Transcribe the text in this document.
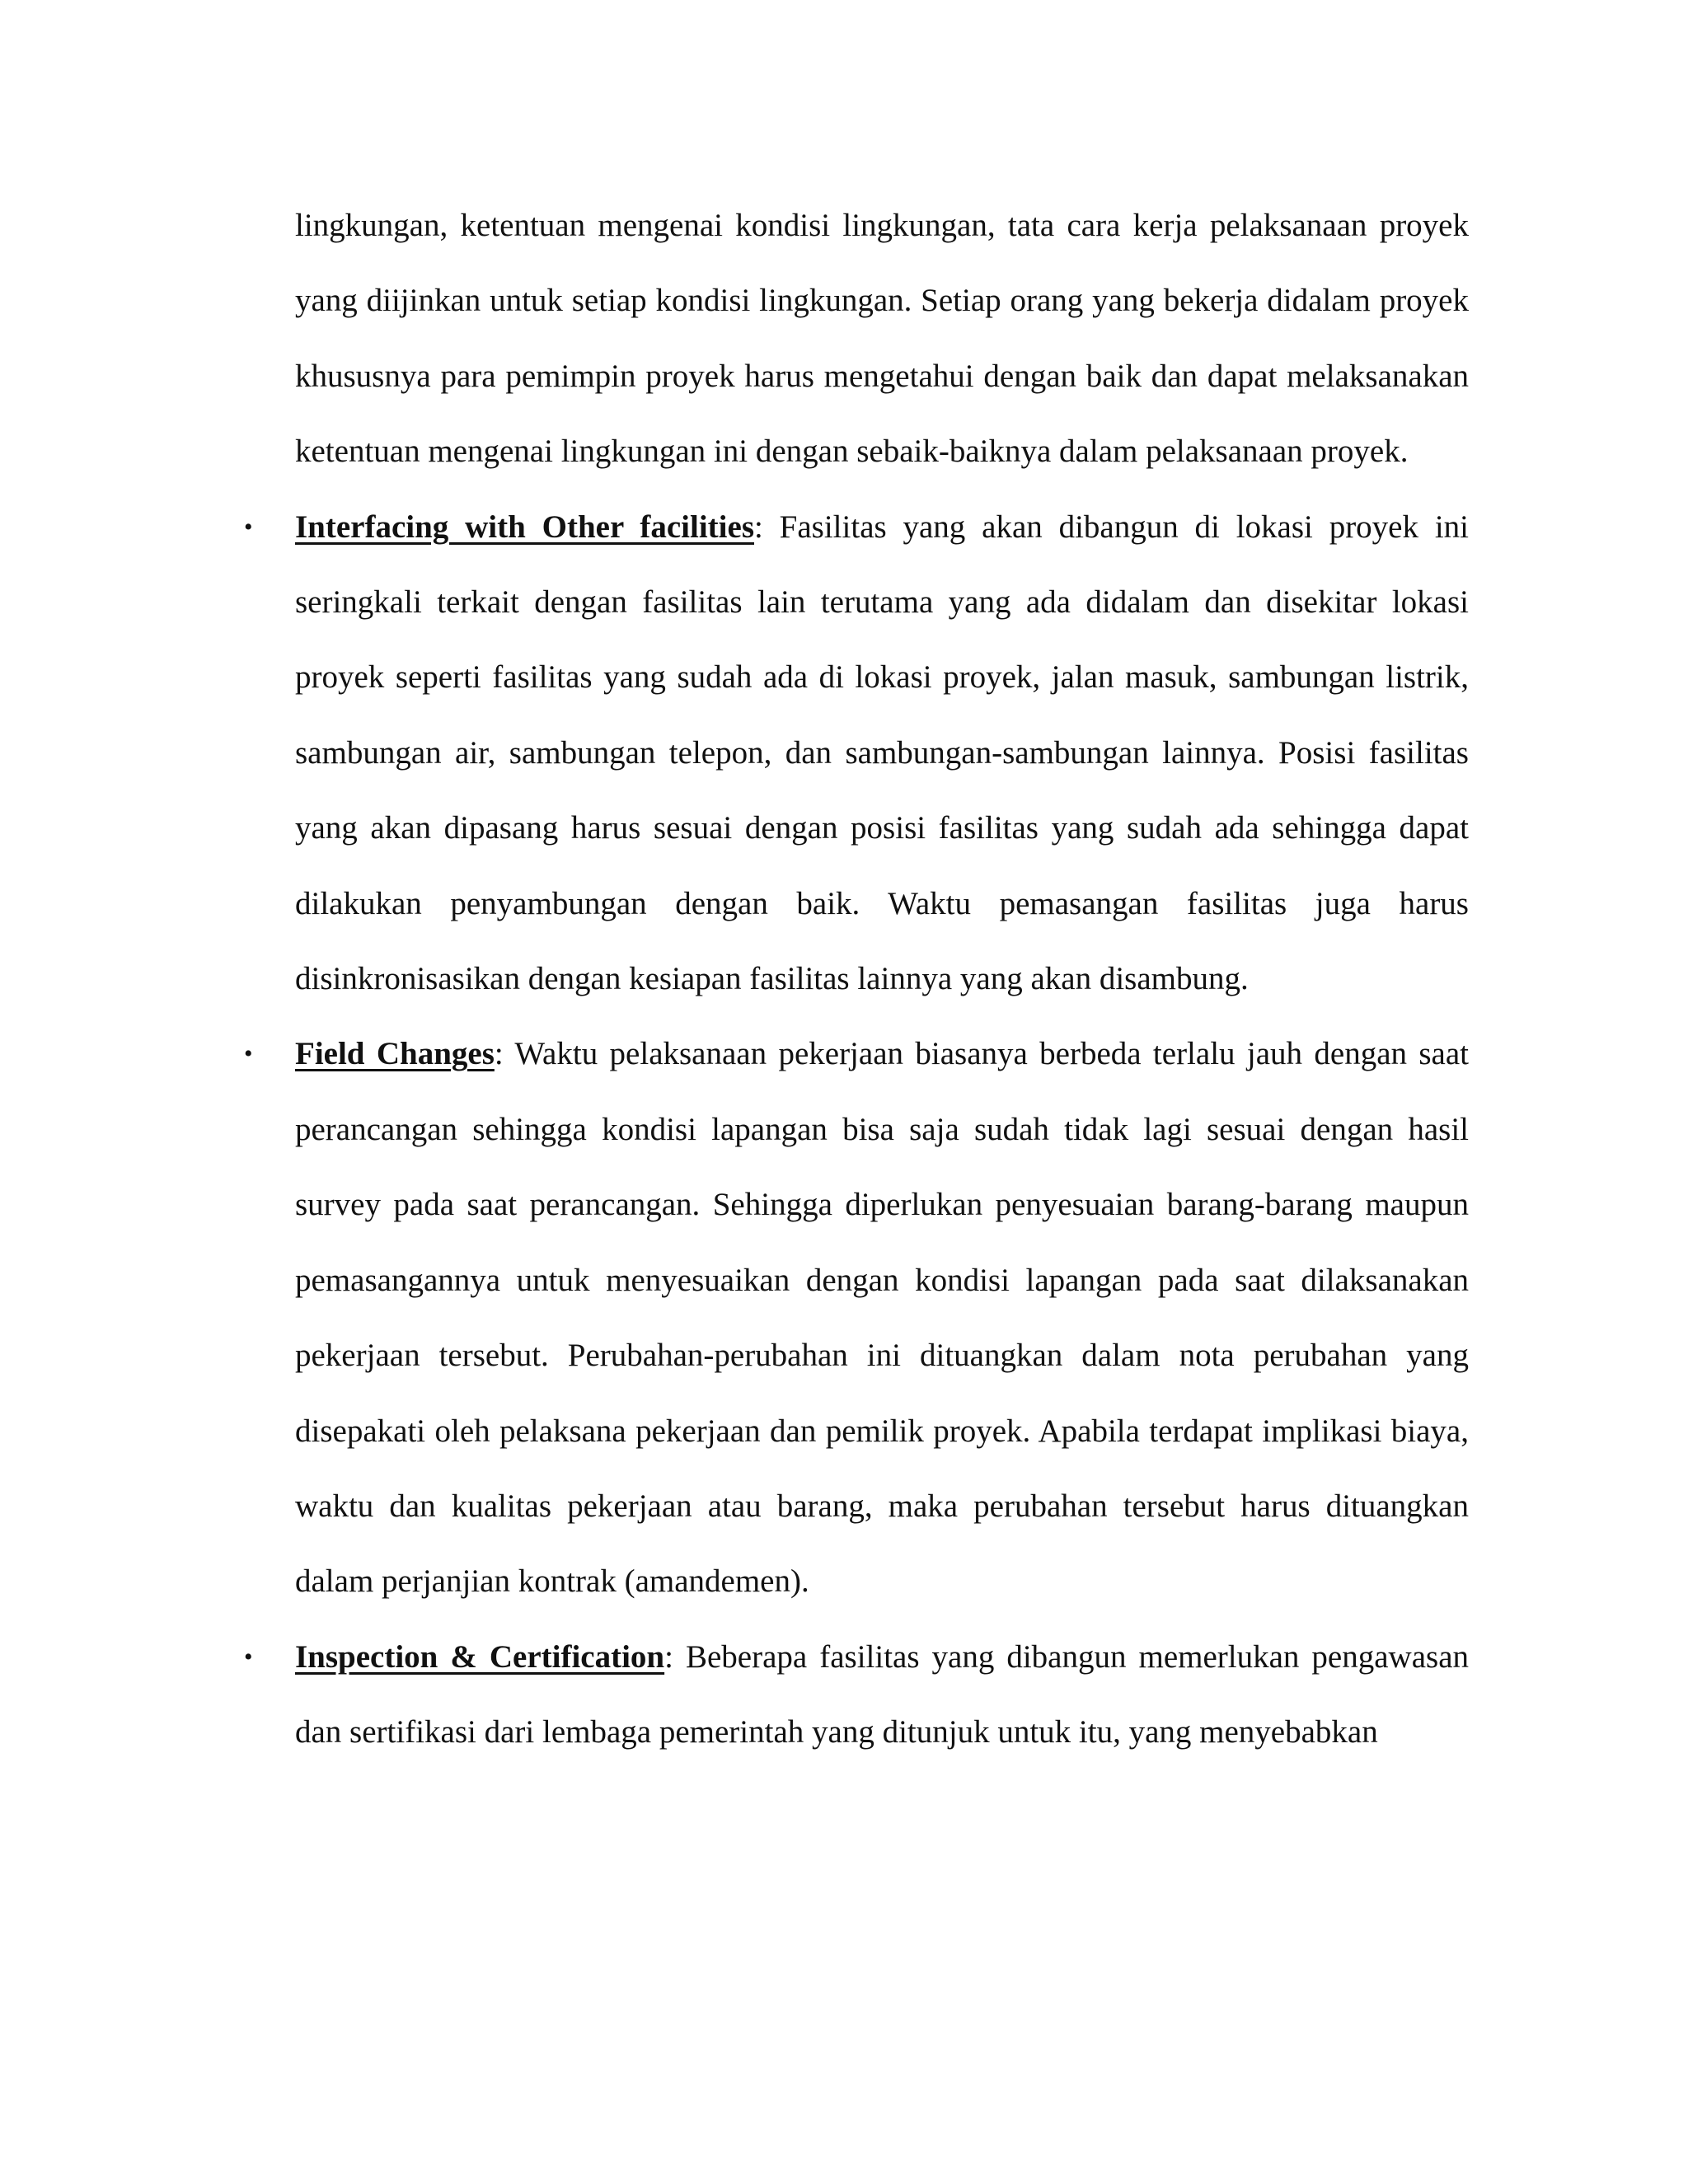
lingkungan, ketentuan mengenai kondisi lingkungan, tata cara kerja pelaksanaan proyek yang diijinkan untuk setiap kondisi lingkungan. Setiap orang yang bekerja didalam proyek khususnya para pemimpin proyek harus mengetahui dengan baik dan dapat melaksanakan ketentuan mengenai lingkungan ini dengan sebaik-baiknya dalam pelaksanaan proyek.

• Interfacing with Other facilities: Fasilitas yang akan dibangun di lokasi proyek ini seringkali terkait dengan fasilitas lain terutama yang ada didalam dan disekitar lokasi proyek seperti fasilitas yang sudah ada di lokasi proyek, jalan masuk, sambungan listrik, sambungan air, sambungan telepon, dan sambungan-sambungan lainnya. Posisi fasilitas yang akan dipasang harus sesuai dengan posisi fasilitas yang sudah ada sehingga dapat dilakukan penyambungan dengan baik. Waktu pemasangan fasilitas juga harus disinkronisasikan dengan kesiapan fasilitas lainnya yang akan disambung.
• Field Changes: Waktu pelaksanaan pekerjaan biasanya berbeda terlalu jauh dengan saat perancangan sehingga kondisi lapangan bisa saja sudah tidak lagi sesuai dengan hasil survey pada saat perancangan. Sehingga diperlukan penyesuaian barang-barang maupun pemasangannya untuk menyesuaikan dengan kondisi lapangan pada saat dilaksanakan pekerjaan tersebut. Perubahan-perubahan ini dituangkan dalam nota perubahan yang disepakati oleh pelaksana pekerjaan dan pemilik proyek. Apabila terdapat implikasi biaya, waktu dan kualitas pekerjaan atau barang, maka perubahan tersebut harus dituangkan dalam perjanjian kontrak (amandemen).
• Inspection & Certification: Beberapa fasilitas yang dibangun memerlukan pengawasan dan sertifikasi dari lembaga pemerintah yang ditunjuk untuk itu, yang menyebabkan
